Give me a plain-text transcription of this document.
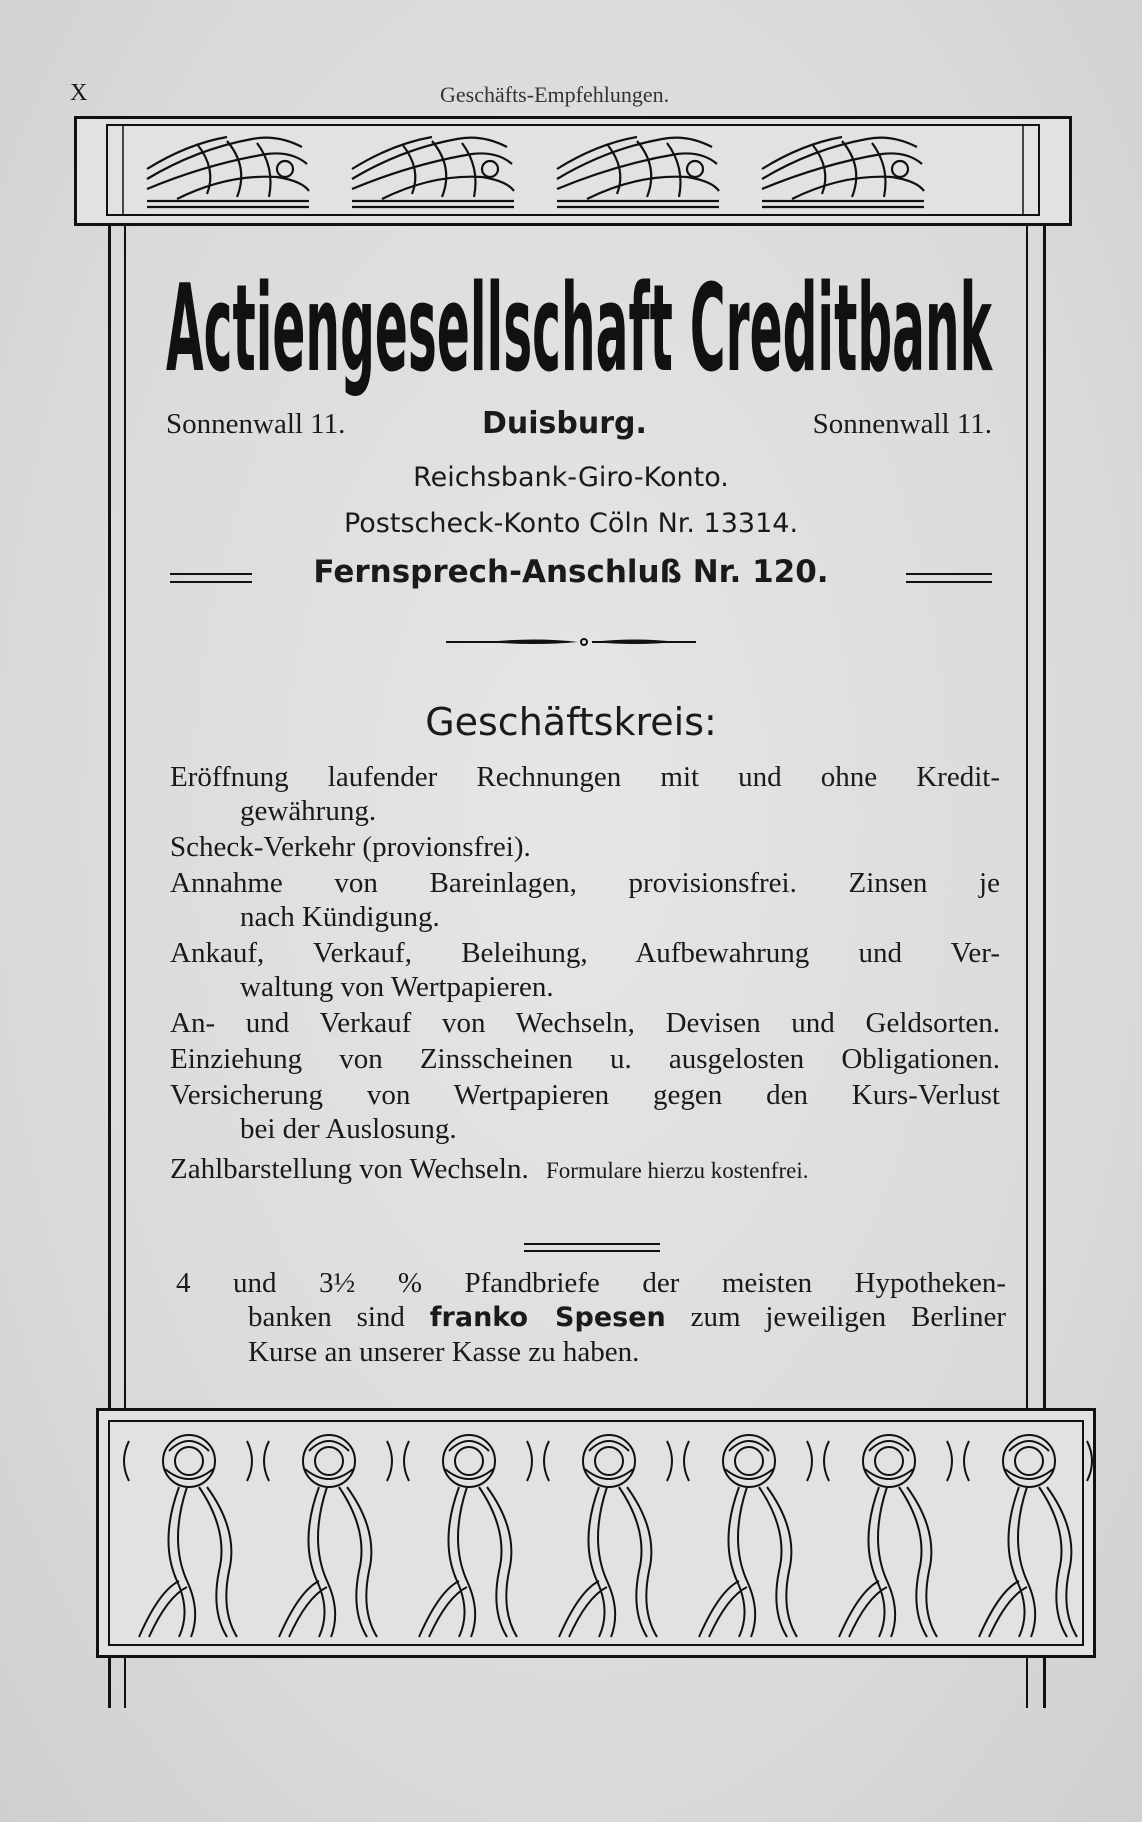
X	Geschäfts-Empfehlungen.
Actiengesellschaft Creditbank
Sonnenwall 11.	Duisburg.	Sonnenwall 11.
Reichsbank-Giro-Konto.
Postscheck-Konto Cöln Nr. 13314.
Fernsprech-Anschluß Nr. 120.
Geschäftskreis:
Eröffnung laufender Rechnungen mit und ohne Kredit-
gewährung.
Scheck-Verkehr (provionsfrei).
Annahme von Bareinlagen, provisionsfrei. Zinsen je
nach Kündigung.
Ankauf, Verkauf, Beleihung, Aufbewahrung und Ver-
waltung von Wertpapieren.
An- und Verkauf von Wechseln, Devisen und Geldsorten.
Einziehung von Zinsscheinen u. ausgelosten Obligationen.
Versicherung von Wertpapieren gegen den Kurs-Verlust
bei der Auslosung.
Zahlbarstellung von Wechseln. Formulare hierzu kostenfrei.
4 und 3½ % Pfandbriefe der meisten Hypotheken-
banken sind franko Spesen zum jeweiligen Berliner
Kurse an unserer Kasse zu haben.
